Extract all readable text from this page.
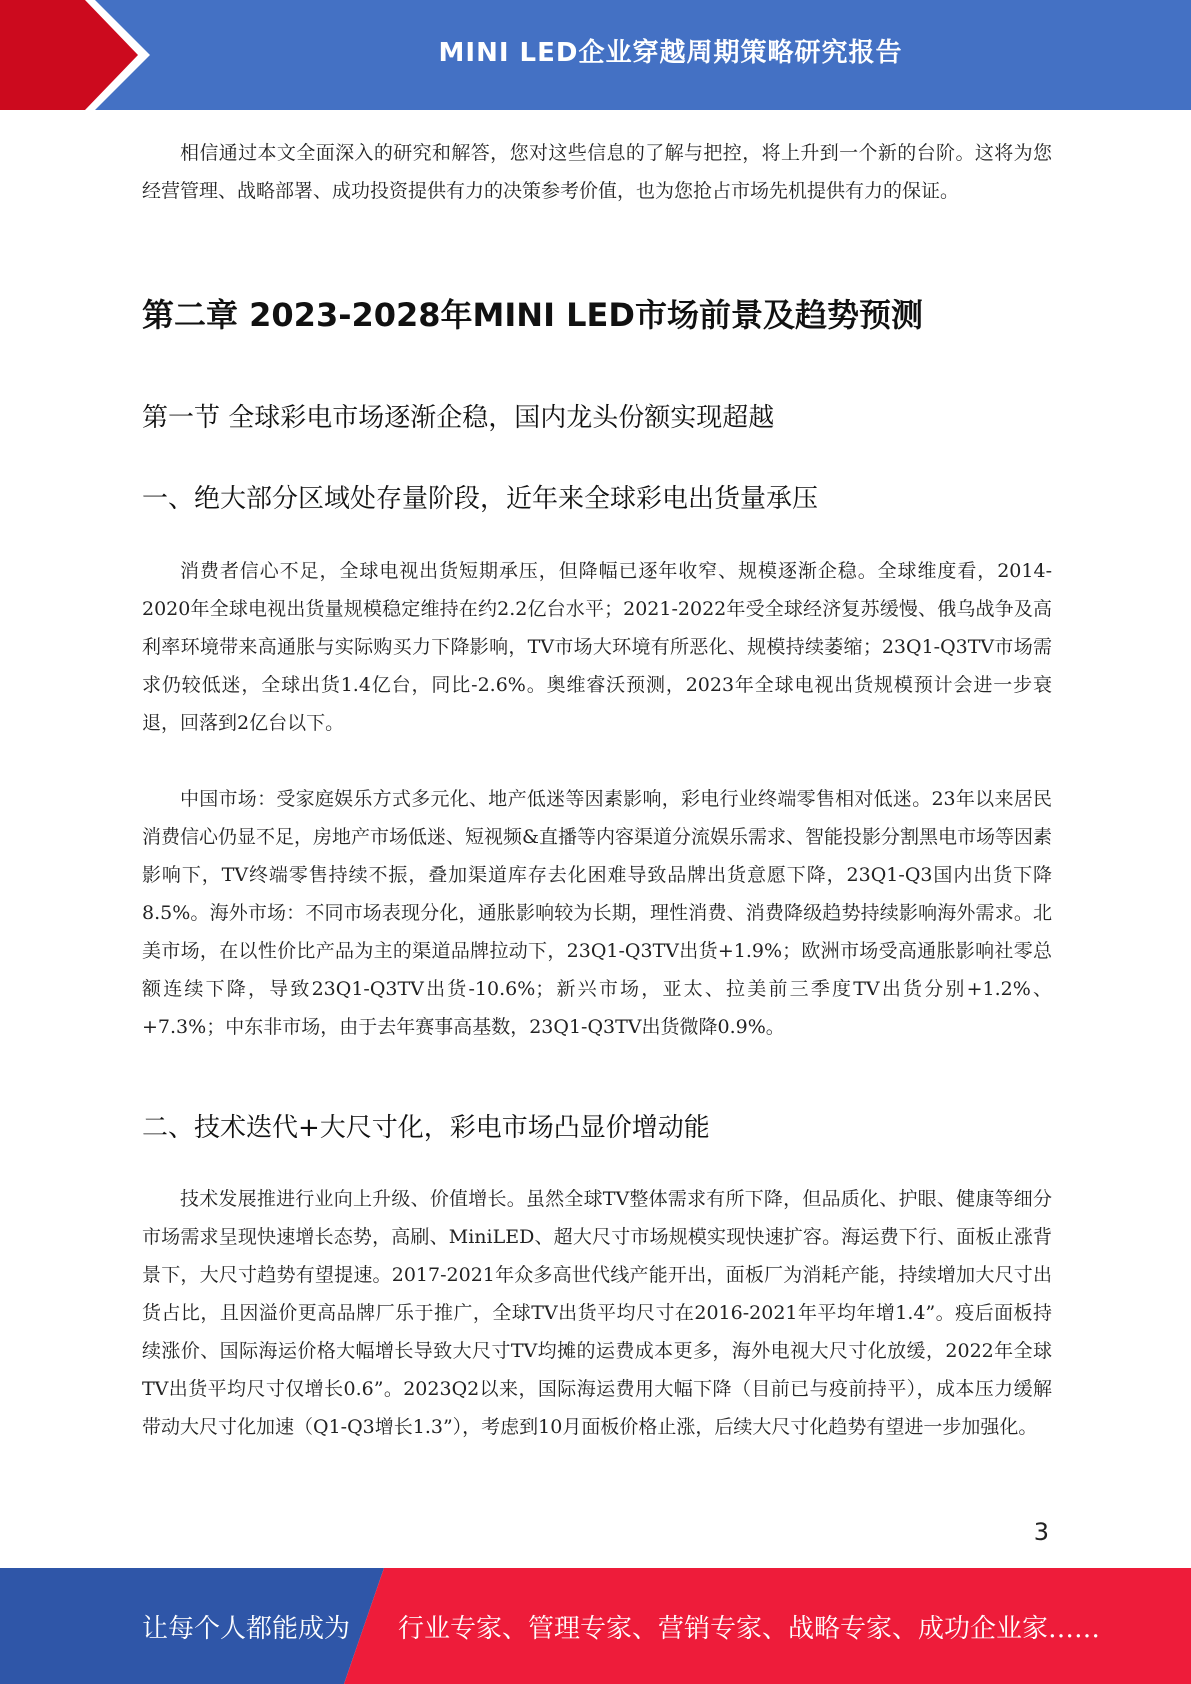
MINI LED企业穿越周期策略研究报告

相信通过本文全面深入的研究和解答，您对这些信息的了解与把控，将上升到一个新的台阶。这将为您经营管理、战略部署、成功投资提供有力的决策参考价值，也为您抢占市场先机提供有力的保证。

第二章 2023-2028年MINI LED市场前景及趋势预测
第一节 全球彩电市场逐渐企稳，国内龙头份额实现超越
一、绝大部分区域处存量阶段，近年来全球彩电出货量承压

消费者信心不足，全球电视出货短期承压，但降幅已逐年收窄、规模逐渐企稳。全球维度看，2014-2020年全球电视出货量规模稳定维持在约2.2亿台水平；2021-2022年受全球经济复苏缓慢、俄乌战争及高利率环境带来高通胀与实际购买力下降影响，TV市场大环境有所恶化、规模持续萎缩；23Q1-Q3TV市场需求仍较低迷，全球出货1.4亿台，同比-2.6%。奥维睿沃预测，2023年全球电视出货规模预计会进一步衰退，回落到2亿台以下。

中国市场：受家庭娱乐方式多元化、地产低迷等因素影响，彩电行业终端零售相对低迷。23年以来居民消费信心仍显不足，房地产市场低迷、短视频&直播等内容渠道分流娱乐需求、智能投影分割黑电市场等因素影响下，TV终端零售持续不振，叠加渠道库存去化困难导致品牌出货意愿下降，23Q1-Q3国内出货下降8.5%。海外市场：不同市场表现分化，通胀影响较为长期，理性消费、消费降级趋势持续影响海外需求。北美市场，在以性价比产品为主的渠道品牌拉动下，23Q1-Q3TV出货+1.9%；欧洲市场受高通胀影响社零总额连续下降，导致23Q1-Q3TV出货-10.6%；新兴市场，亚太、拉美前三季度TV出货分别+1.2%、+7.3%；中东非市场，由于去年赛事高基数，23Q1-Q3TV出货微降0.9%。

二、技术迭代+大尺寸化，彩电市场凸显价增动能

技术发展推进行业向上升级、价值增长。虽然全球TV整体需求有所下降，但品质化、护眼、健康等细分市场需求呈现快速增长态势，高刷、MiniLED、超大尺寸市场规模实现快速扩容。海运费下行、面板止涨背景下，大尺寸趋势有望提速。2017-2021年众多高世代线产能开出，面板厂为消耗产能，持续增加大尺寸出货占比，且因溢价更高品牌厂乐于推广，全球TV出货平均尺寸在2016-2021年平均年增1.4”。疫后面板持续涨价、国际海运价格大幅增长导致大尺寸TV均摊的运费成本更多，海外电视大尺寸化放缓，2022年全球TV出货平均尺寸仅增长0.6”。2023Q2以来，国际海运费用大幅下降（目前已与疫前持平），成本压力缓解带动大尺寸化加速（Q1-Q3增长1.3”），考虑到10月面板价格止涨，后续大尺寸化趋势有望进一步加强化。

3
让每个人都能成为 行业专家、管理专家、营销专家、战略专家、成功企业家……
